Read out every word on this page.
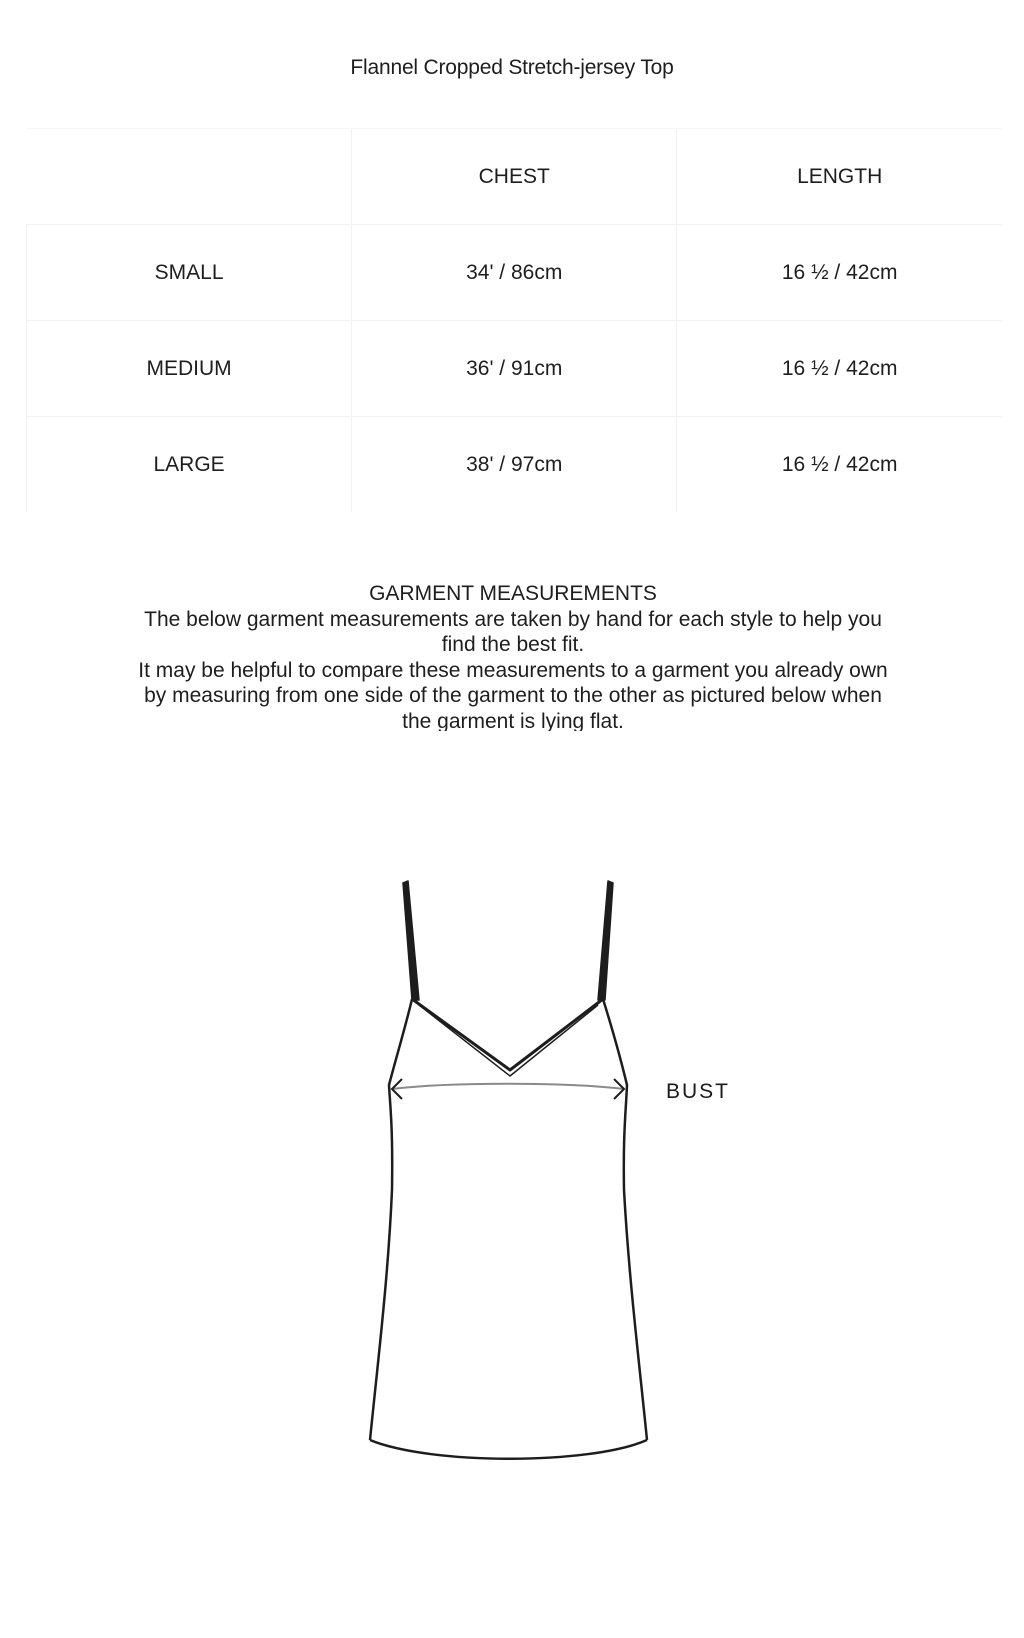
Flannel Cropped Stretch-jersey Top
	CHEST	LENGTH
SMALL	34' / 86cm	16 ½ / 42cm
MEDIUM	36' / 91cm	16 ½ / 42cm
LARGE	38' / 97cm	16 ½ / 42cm

GARMENT MEASUREMENTS

The below garment measurements are taken by hand for each style to help you find the best fit.

It may be helpful to compare these measurements to a garment you already own by measuring from one side of the garment to the other as pictured below when the garment is lying flat.

BUST
